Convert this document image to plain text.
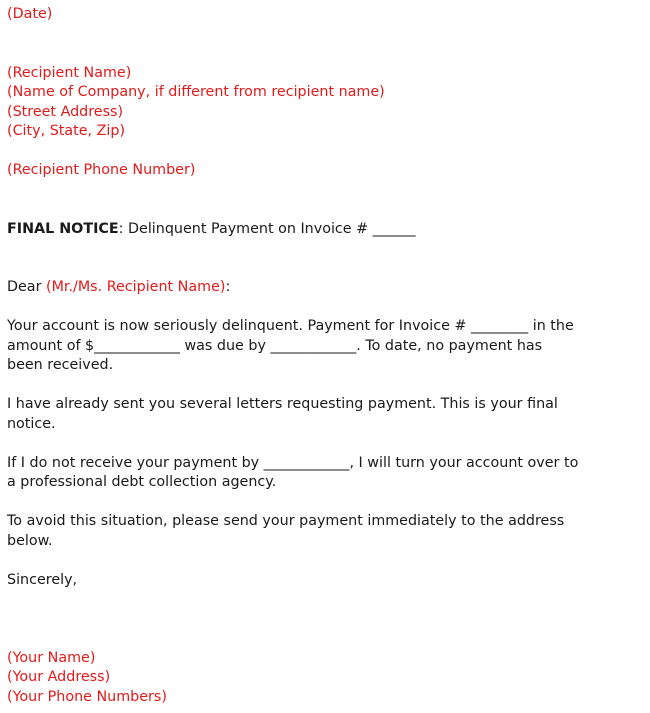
(Date)
(Recipient Name)
(Name of Company, if different from recipient name)
(Street Address)
(City, State, Zip)
(Recipient Phone Number)
FINAL NOTICE: Delinquent Payment on Invoice # ______
Dear (Mr./Ms. Recipient Name):
Your account is now seriously delinquent. Payment for Invoice # ________ in the
amount of $____________ was due by ____________. To date, no payment has
been received.
I have already sent you several letters requesting payment. This is your final
notice.
If I do not receive your payment by ____________, I will turn your account over to
a professional debt collection agency.
To avoid this situation, please send your payment immediately to the address
below.
Sincerely,
(Your Name)
(Your Address)
(Your Phone Numbers)
